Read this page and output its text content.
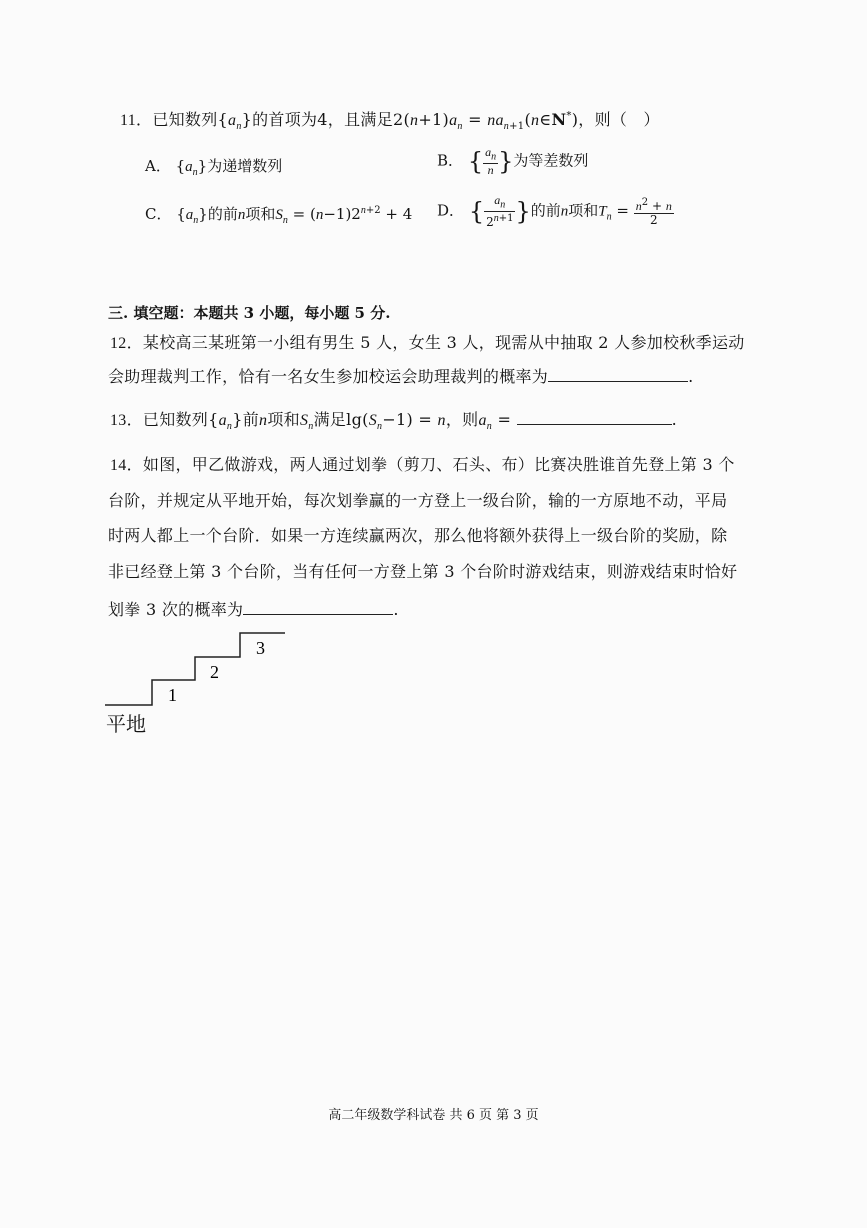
11．已知数列$\{a_n\}$的首项为4，且满足$2(n+1)a_n$ = $na_{n+1}(n\in N^*)$，则（　）
A． $\{a_n\}$为递增数列	B． { $\frac{a_n}{n}$ }为等差数列
C． $\{a_n\}$的前n项和$S_n = (n-1)2^{n+2} + 4$ D． { $\frac{a_n}{2^{n+1}}$ }的前n项和$T_n = \frac{n^2 + n}{2}$
三. 填空题：本题共 3 小题，每小题 5 分.
12．某校高三某班第一小组有男生 5 人，女生 3 人，现需从中抽取 2 人参加校秋季运动
会助理裁判工作，恰有一名女生参加校运会助理裁判的概率为	.
13．已知数列$\{a_n\}$前n项和$S_n$满足$\lg(S_n-1) = n$，则$a_n$ =	.
14．如图，甲乙做游戏，两人通过划拳（剪刀、石头、布）比赛决胜谁首先登上第 3 个
台阶，并规定从平地开始，每次划拳赢的一方登上一级台阶，输的一方原地不动，平局
时两人都上一个台阶．如果一方连续赢两次，那么他将额外获得上一级台阶的奖励，除
非已经登上第 3 个台阶，当有任何一方登上第 3 个台阶时游戏结束，则游戏结束时恰好
划拳 3 次的概率为	.
1
2
3
平地
高二年级数学科试卷 共 6 页 第 3 页
